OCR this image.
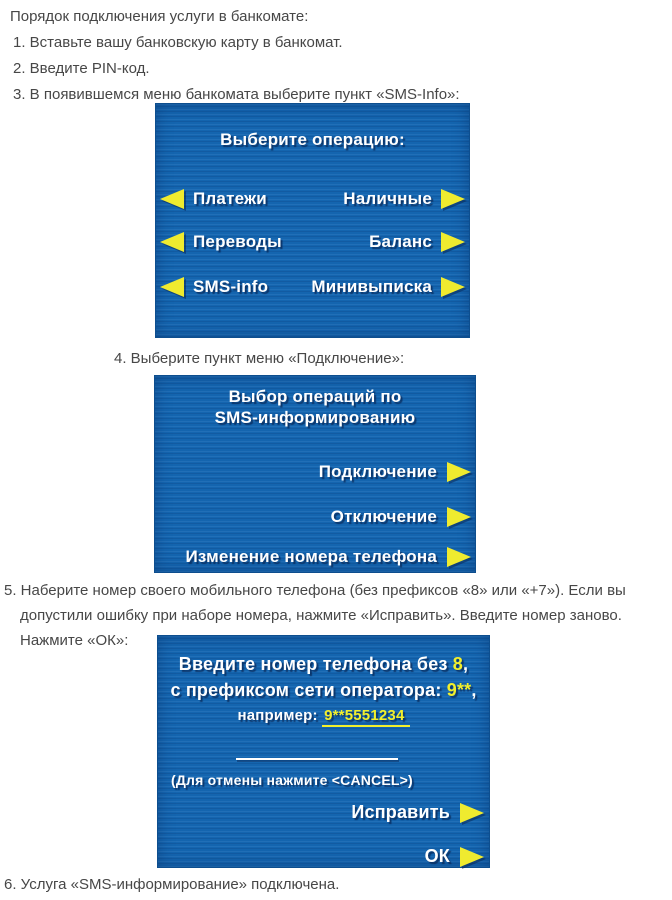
Порядок подключения услуги в банкомате:

1. Вставьте вашу банковскую карту в банкомат.

2. Введите PIN-код.

3. В появившемся меню банкомата выберите пункт «SMS-Info»:

Выберите операцию:
Платежи	Наличные
Переводы	Баланс
SMS-info	Минивыписка

4. Выберите пункт меню «Подключение»:

Выбор операций по
SMS-информированию
Подключение
Отключение
Изменение номера телефона

5. Наберите номер своего мобильного телефона (без префиксов «8» или «+7»). Если вы допустили ошибку при наборе номера, нажмите «Исправить». Введите номер заново. Нажмите «ОК»:

Введите номер телефона без 8,
с префиксом сети оператора: 9**,
например: 9**5551234
(Для отмены нажмите <CANCEL>)
Исправить
ОК

6. Услуга «SMS-информирование» подключена.
